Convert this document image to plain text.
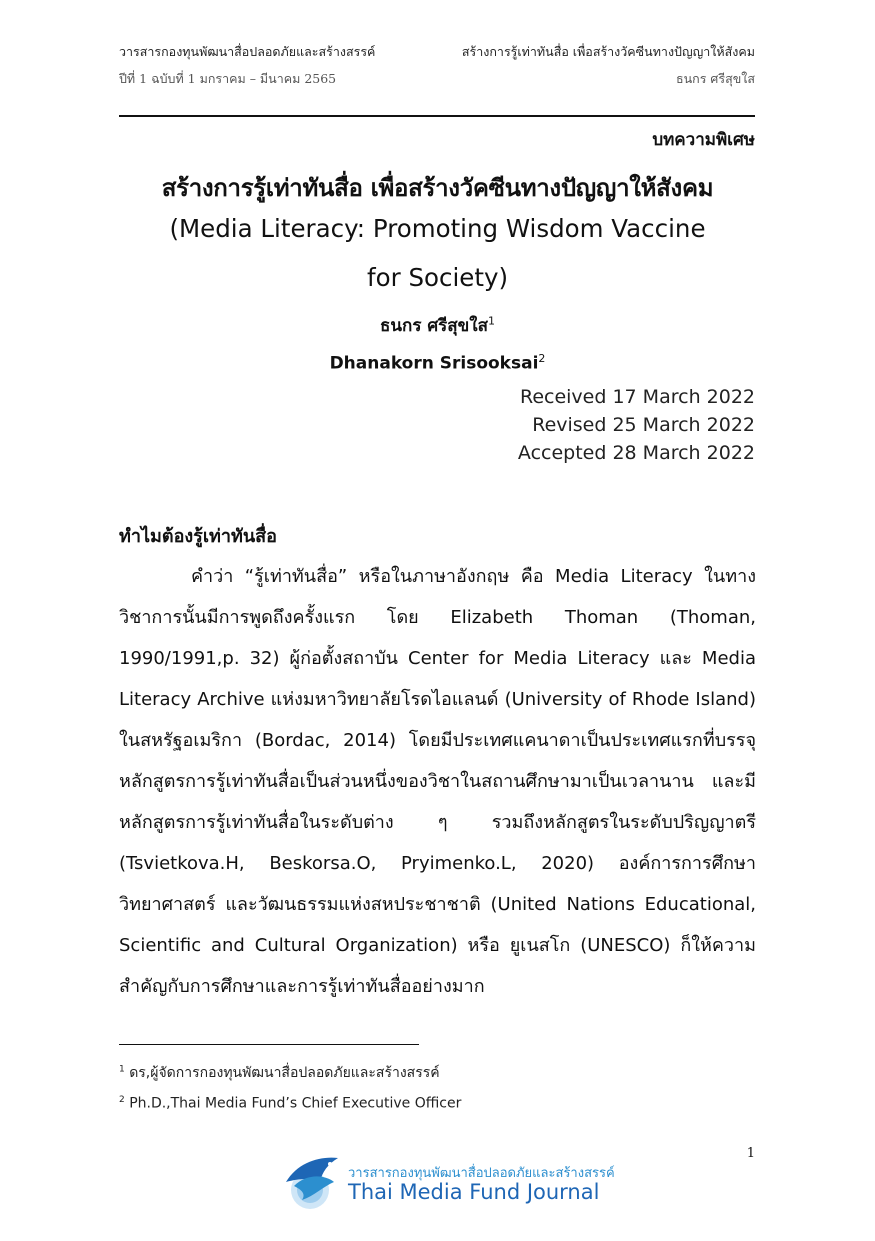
วารสารกองทุนพัฒนาสื่อปลอดภัยและสร้างสรรค์
ปีที่ 1 ฉบับที่ 1 มกราคม – มีนาคม 2565
สร้างการรู้เท่าทันสื่อ เพื่อสร้างวัคซีนทางปัญญาให้สังคม
ธนกร ศรีสุขใส
บทความพิเศษ
สร้างการรู้เท่าทันสื่อ เพื่อสร้างวัคซีนทางปัญญาให้สังคม
(Media Literacy: Promoting Wisdom Vaccine
for Society)
ธนกร ศรีสุขใส$^1$
Dhanakorn Srisooksai$^2$
Received 17 March 2022
Revised 25 March 2022
Accepted 28 March 2022
ทำไมต้องรู้เท่าทันสื่อ

คำว่า “รู้เท่าทันสื่อ” หรือในภาษาอังกฤษ คือ Media Literacy ในทางวิชาการนั้นมีการพูดถึงครั้งแรก โดย Elizabeth Thoman (Thoman, 1990/1991,p. 32) ผู้ก่อตั้งสถาบัน Center for Media Literacy และ Media Literacy Archive แห่งมหาวิทยาลัยโรดไอแลนด์ (University of Rhode Island) ในสหรัฐอเมริกา (Bordac, 2014) โดยมีประเทศแคนาดาเป็นประเทศแรกที่บรรจุหลักสูตรการรู้เท่าทันสื่อเป็นส่วนหนึ่งของวิชาในสถานศึกษามาเป็นเวลานาน และมีหลักสูตรการรู้เท่าทันสื่อในระดับต่าง ๆ รวมถึงหลักสูตรในระดับปริญญาตรี (Tsvietkova.H, Beskorsa.O, Pryimenko.L, 2020) องค์การการศึกษา วิทยาศาสตร์ และวัฒนธรรมแห่งสหประชาชาติ (United Nations Educational, Scientific and Cultural Organization) หรือ ยูเนสโก (UNESCO) ก็ให้ความสำคัญกับการศึกษาและการรู้เท่าทันสื่ออย่างมาก

$^1$ ดร,ผู้จัดการกองทุนพัฒนาสื่อปลอดภัยและสร้างสรรค์
$^2$ Ph.D.,Thai Media Fund’s Chief Executive Officer
1
วารสารกองทุนพัฒนาสื่อปลอดภัยและสร้างสรรค์
Thai Media Fund Journal
